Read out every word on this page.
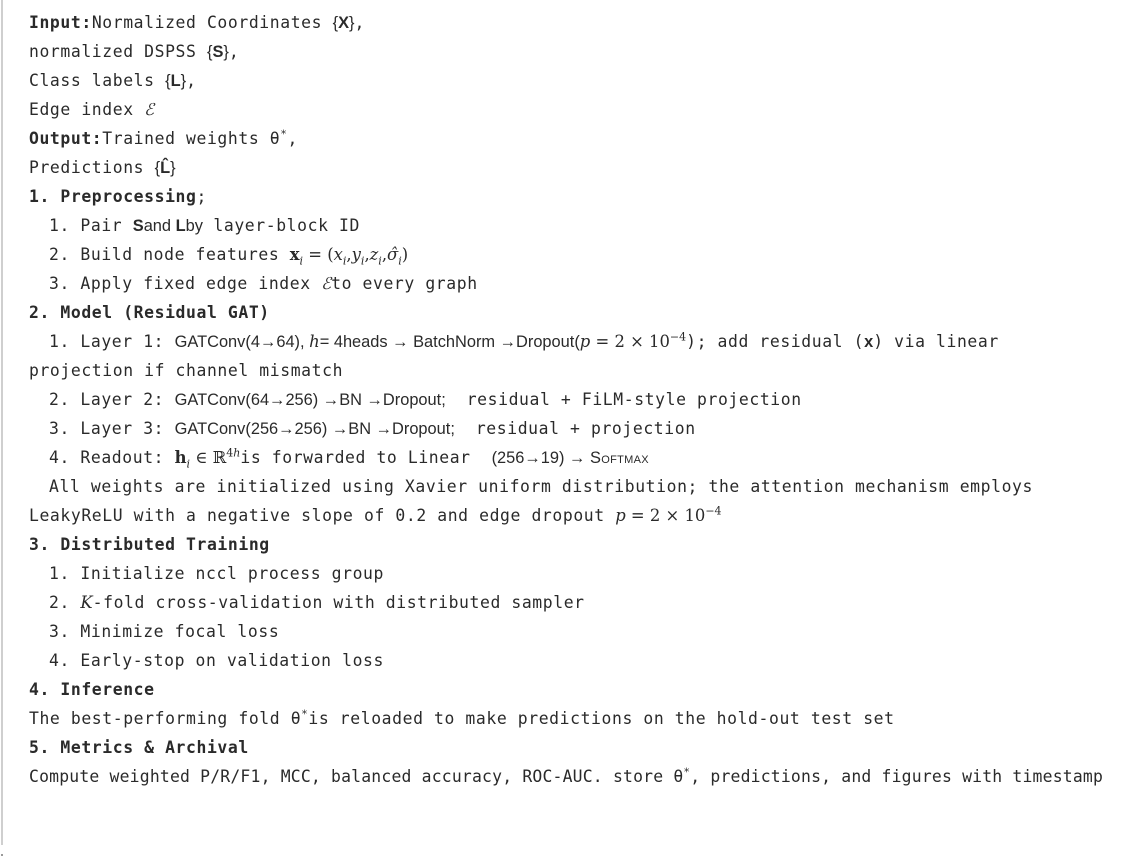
Input:Normalized Coordinates {X},
normalized DSPSS {S},
Class labels {L},
Edge index ℰ
Output:Trained weights θ*,
Predictions {L̂}
1. Preprocessing;
1. Pair Sand Lby layer-block ID
2. Build node features $x_i$ = $(x_i,y_i,z_i,\sigmâ_i)$
3. Apply fixed edge index ℰto every graph
2. Model (Residual GAT)
1. Layer 1: GATConv(4→64), h= 4heads → BatchNorm →Dropout(p = $2 \times 10^{-4}$); add residual (x) via linear
projection if channel mismatch
2. Layer 2: GATConv(64→256) →BN →Dropout; residual + FiLM-style projection
3. Layer 3: GATConv(256→256) →BN →Dropout; residual + projection
4. Readout: $h_i$ ∈ ℝ$^{4h}$is forwarded to Linear (256→19) → Softmax
All weights are initialized using Xavier uniform distribution; the attention mechanism employs
LeakyReLU with a negative slope of 0.2 and edge dropout $p = 2 \times 10^{-4}$
3. Distributed Training
1. Initialize nccl process group
2. K-fold cross-validation with distributed sampler
3. Minimize focal loss
4. Early-stop on validation loss
4. Inference
The best-performing fold θ*is reloaded to make predictions on the hold-out test set
5. Metrics & Archival
Compute weighted P/R/F1, MCC, balanced accuracy, ROC-AUC. store θ*, predictions, and figures with timestamp
